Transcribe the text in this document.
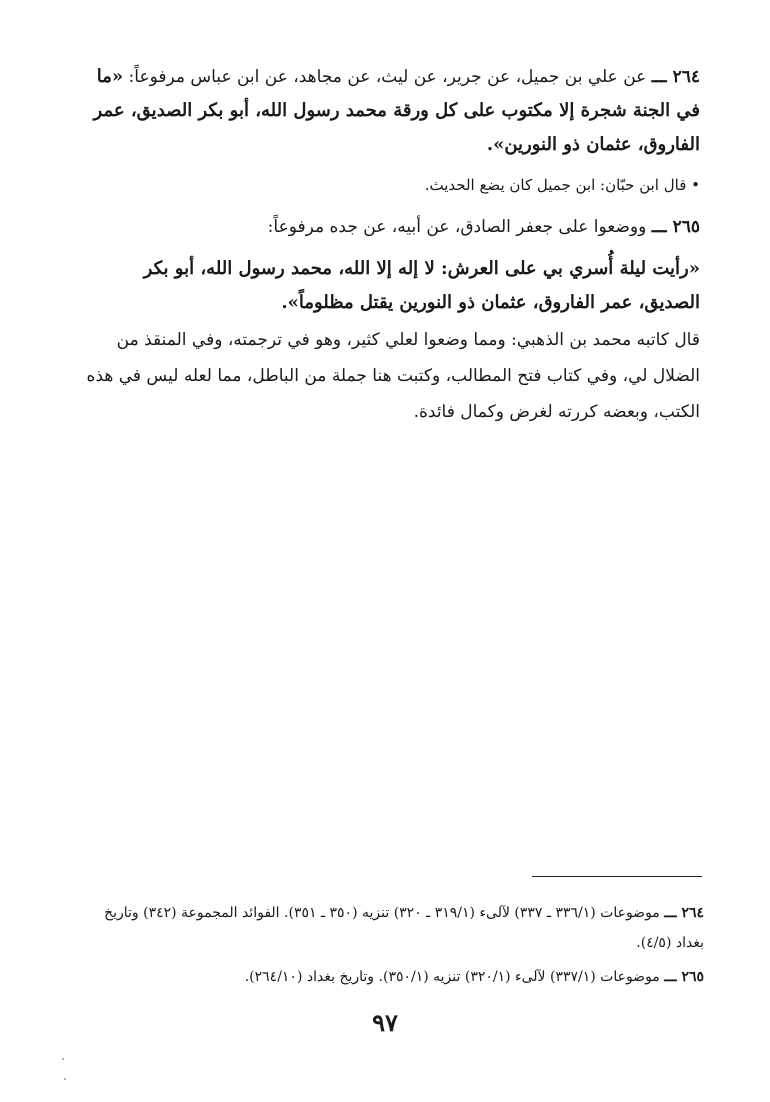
٢٦٤ ـــ عن علي بن جميل، عن جرير، عن ليث، عن مجاهد، عن ابن عباس مرفوعاً: «ما في الجنة شجرة إلا مكتوب على كل ورقة محمد رسول الله، أبو بكر الصديق، عمر الفاروق، عثمان ذو النورين».

• قال ابن حبّان: ابن جميل كان يضع الحديث.

٢٦٥ ـــ ووضعوا على جعفر الصادق، عن أبيه، عن جده مرفوعاً:

«رأيت ليلة أُسري بي على العرش: لا إله إلا الله، محمد رسول الله، أبو بكر الصديق، عمر الفاروق، عثمان ذو النورين يقتل مظلوماً».

قال كاتبه محمد بن الذهبي: ومما وضعوا لعلي كثير، وهو في ترجمته، وفي المنقذ من الضلال لي، وفي كتاب فتح المطالب، وكتبت هنا جملة من الباطل، مما لعله ليس في هذه الكتب، وبعضه كررته لغرض وكمال فائدة.

٢٦٤ ـــ موضوعات (٣٣٦/١ ـ ٣٣٧) لآلىء (٣١٩/١ ـ ٣٢٠) تنزيه (٣٥٠ ـ ٣٥١). الفوائد المجموعة (٣٤٢) وتاريخ بغداد (٤/٥).

٢٦٥ ـــ موضوعات (٣٣٧/١) لآلىء (٣٢٠/١) تنزيه (٣٥٠/١). وتاريخ بغداد (٢٦٤/١٠).

٩٧
